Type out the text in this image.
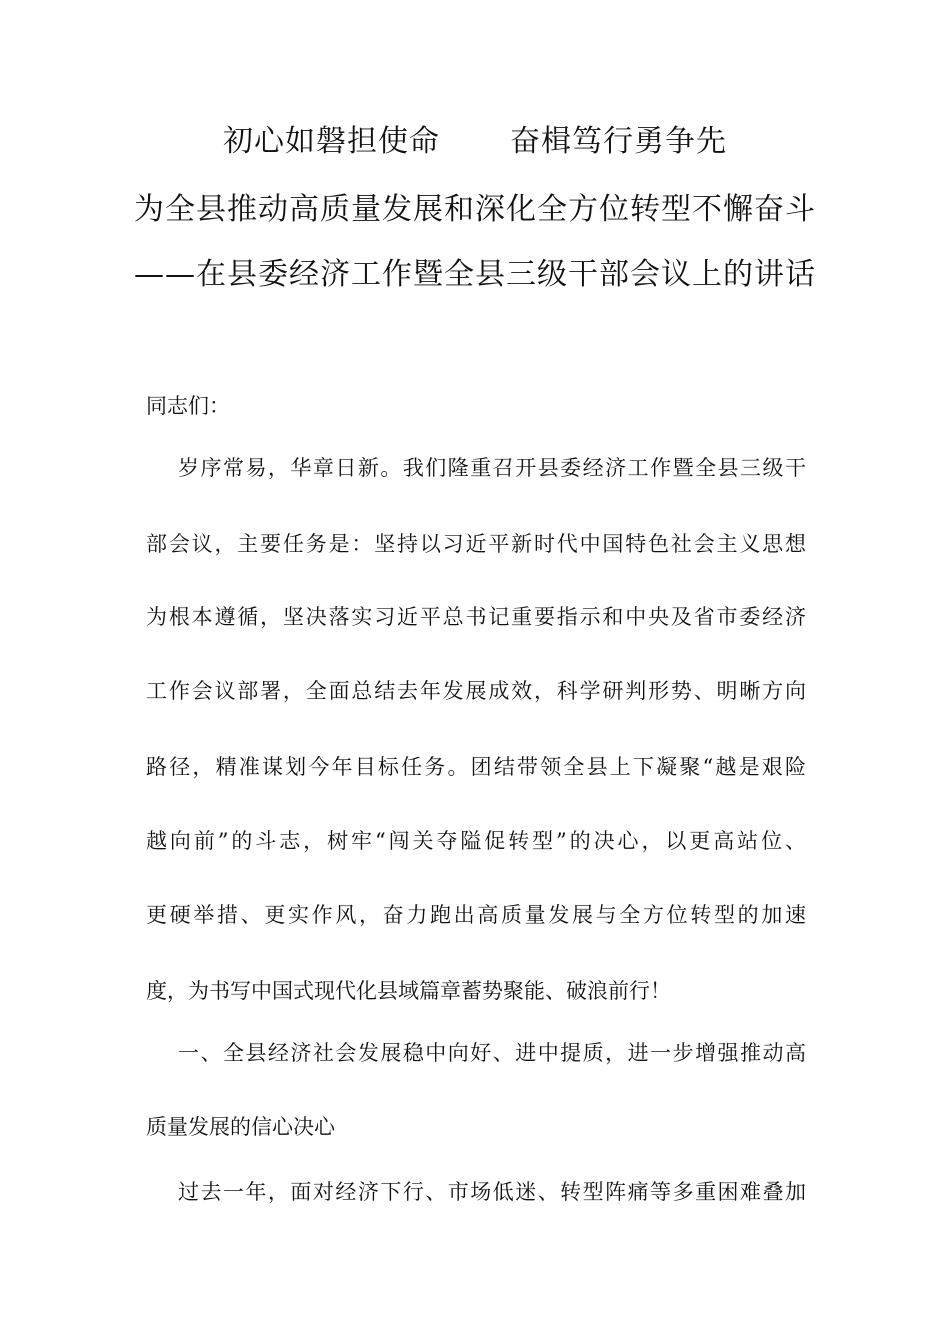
初心如磐担使命 奋楫笃行勇争先
为全县推动高质量发展和深化全方位转型不懈奋斗
——在县委经济工作暨全县三级干部会议上的讲话
同志们：
岁序常易，华章日新。我们隆重召开县委经济工作暨全县三级干
部会议，主要任务是：坚持以习近平新时代中国特色社会主义思想
为根本遵循，坚决落实习近平总书记重要指示和中央及省市委经济
工作会议部署，全面总结去年发展成效，科学研判形势、明晰方向
路径，精准谋划今年目标任务。团结带领全县上下凝聚“越是艰险
越向前”的斗志，树牢“闯关夺隘促转型”的决心，以更高站位、
更硬举措、更实作风，奋力跑出高质量发展与全方位转型的加速
度，为书写中国式现代化县域篇章蓄势聚能、破浪前行！
一、全县经济社会发展稳中向好、进中提质，进一步增强推动高
质量发展的信心决心
过去一年，面对经济下行、市场低迷、转型阵痛等多重困难叠加
